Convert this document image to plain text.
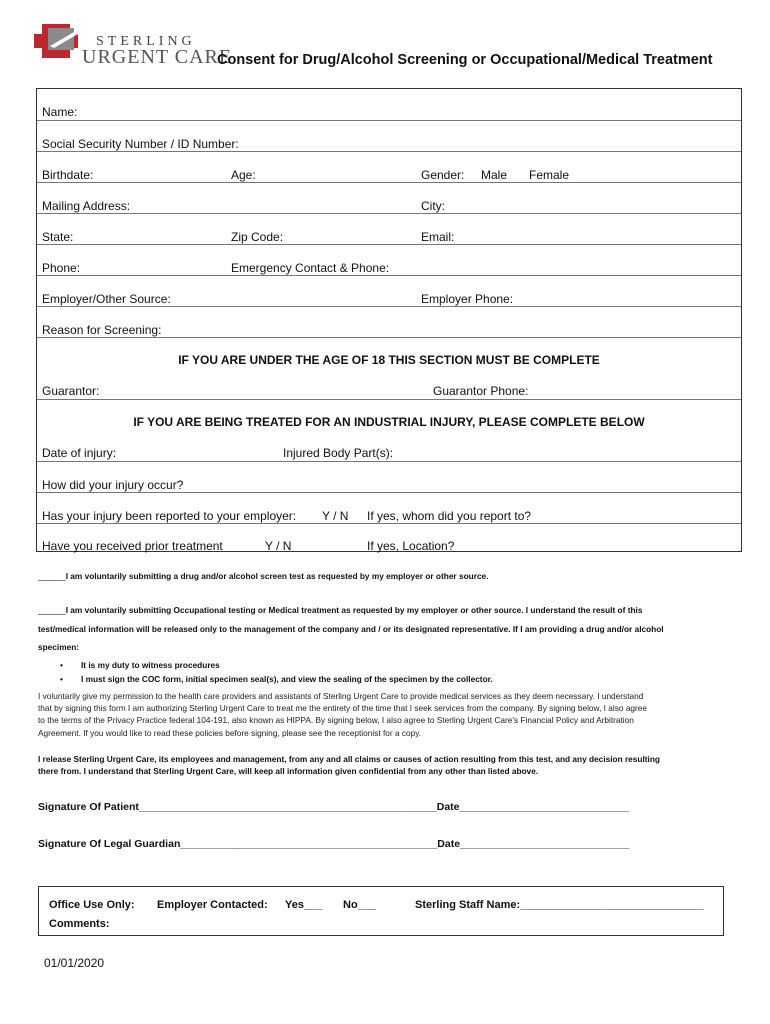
STERLING
URGENT CARE
Consent for Drug/Alcohol Screening or Occupational/Medical Treatment
Name:
Social Security Number / ID Number:
Birthdate:	Age:	Gender: Male Female
Mailing Address:	City:
State:	Zip Code:	Email:
Phone:	Emergency Contact & Phone:
Employer/Other Source:	Employer Phone:
Reason for Screening:
IF YOU ARE UNDER THE AGE OF 18 THIS SECTION MUST BE COMPLETE
Guarantor:	Guarantor Phone:
IF YOU ARE BEING TREATED FOR AN INDUSTRIAL INJURY, PLEASE COMPLETE BELOW
Date of injury:	Injured Body Part(s):
How did your injury occur?
Has your injury been reported to your employer: Y / N If yes, whom did you report to?
Have you received prior treatment	Y / N	If yes, Location?
______I am voluntarily submitting a drug and/or alcohol screen test as requested by my employer or other source.
______I am voluntarily submitting Occupational testing or Medical treatment as requested by my employer or other source. I understand the result of this
test/medical information will be released only to the management of the company and / or its designated representative. If I am providing a drug and/or alcohol
specimen:
• It is my duty to witness procedures
• I must sign the COC form, initial specimen seal(s), and view the sealing of the specimen by the collector.
I voluntarily give my permission to the health care providers and assistants of Sterling Urgent Care to provide medical services as they deem necessary. I understand
that by signing this form I am authorizing Sterling Urgent Care to treat me the entirety of the time that I seek services from the company. By signing below, I also agree
to the terms of the Privacy Practice federal 104-191, also known as HIPPA. By signing below, I also agree to Sterling Urgent Care's Financial Policy and Arbitration
Agreement. If you would like to read these policies before signing, please see the receptionist for a copy.
I release Sterling Urgent Care, its employees and management, from any and all claims or causes of action resulting from this test, and any decision resulting
there from. I understand that Sterling Urgent Care, will keep all information given confidential from any other than listed above.
Signature Of Patient___________________________________________________Date_____________________________
Signature Of Legal Guardian____________________________________________Date_____________________________
Office Use Only: Employer Contacted: Yes___ No___	Sterling Staff Name:______________________________
Comments:
01/01/2020
